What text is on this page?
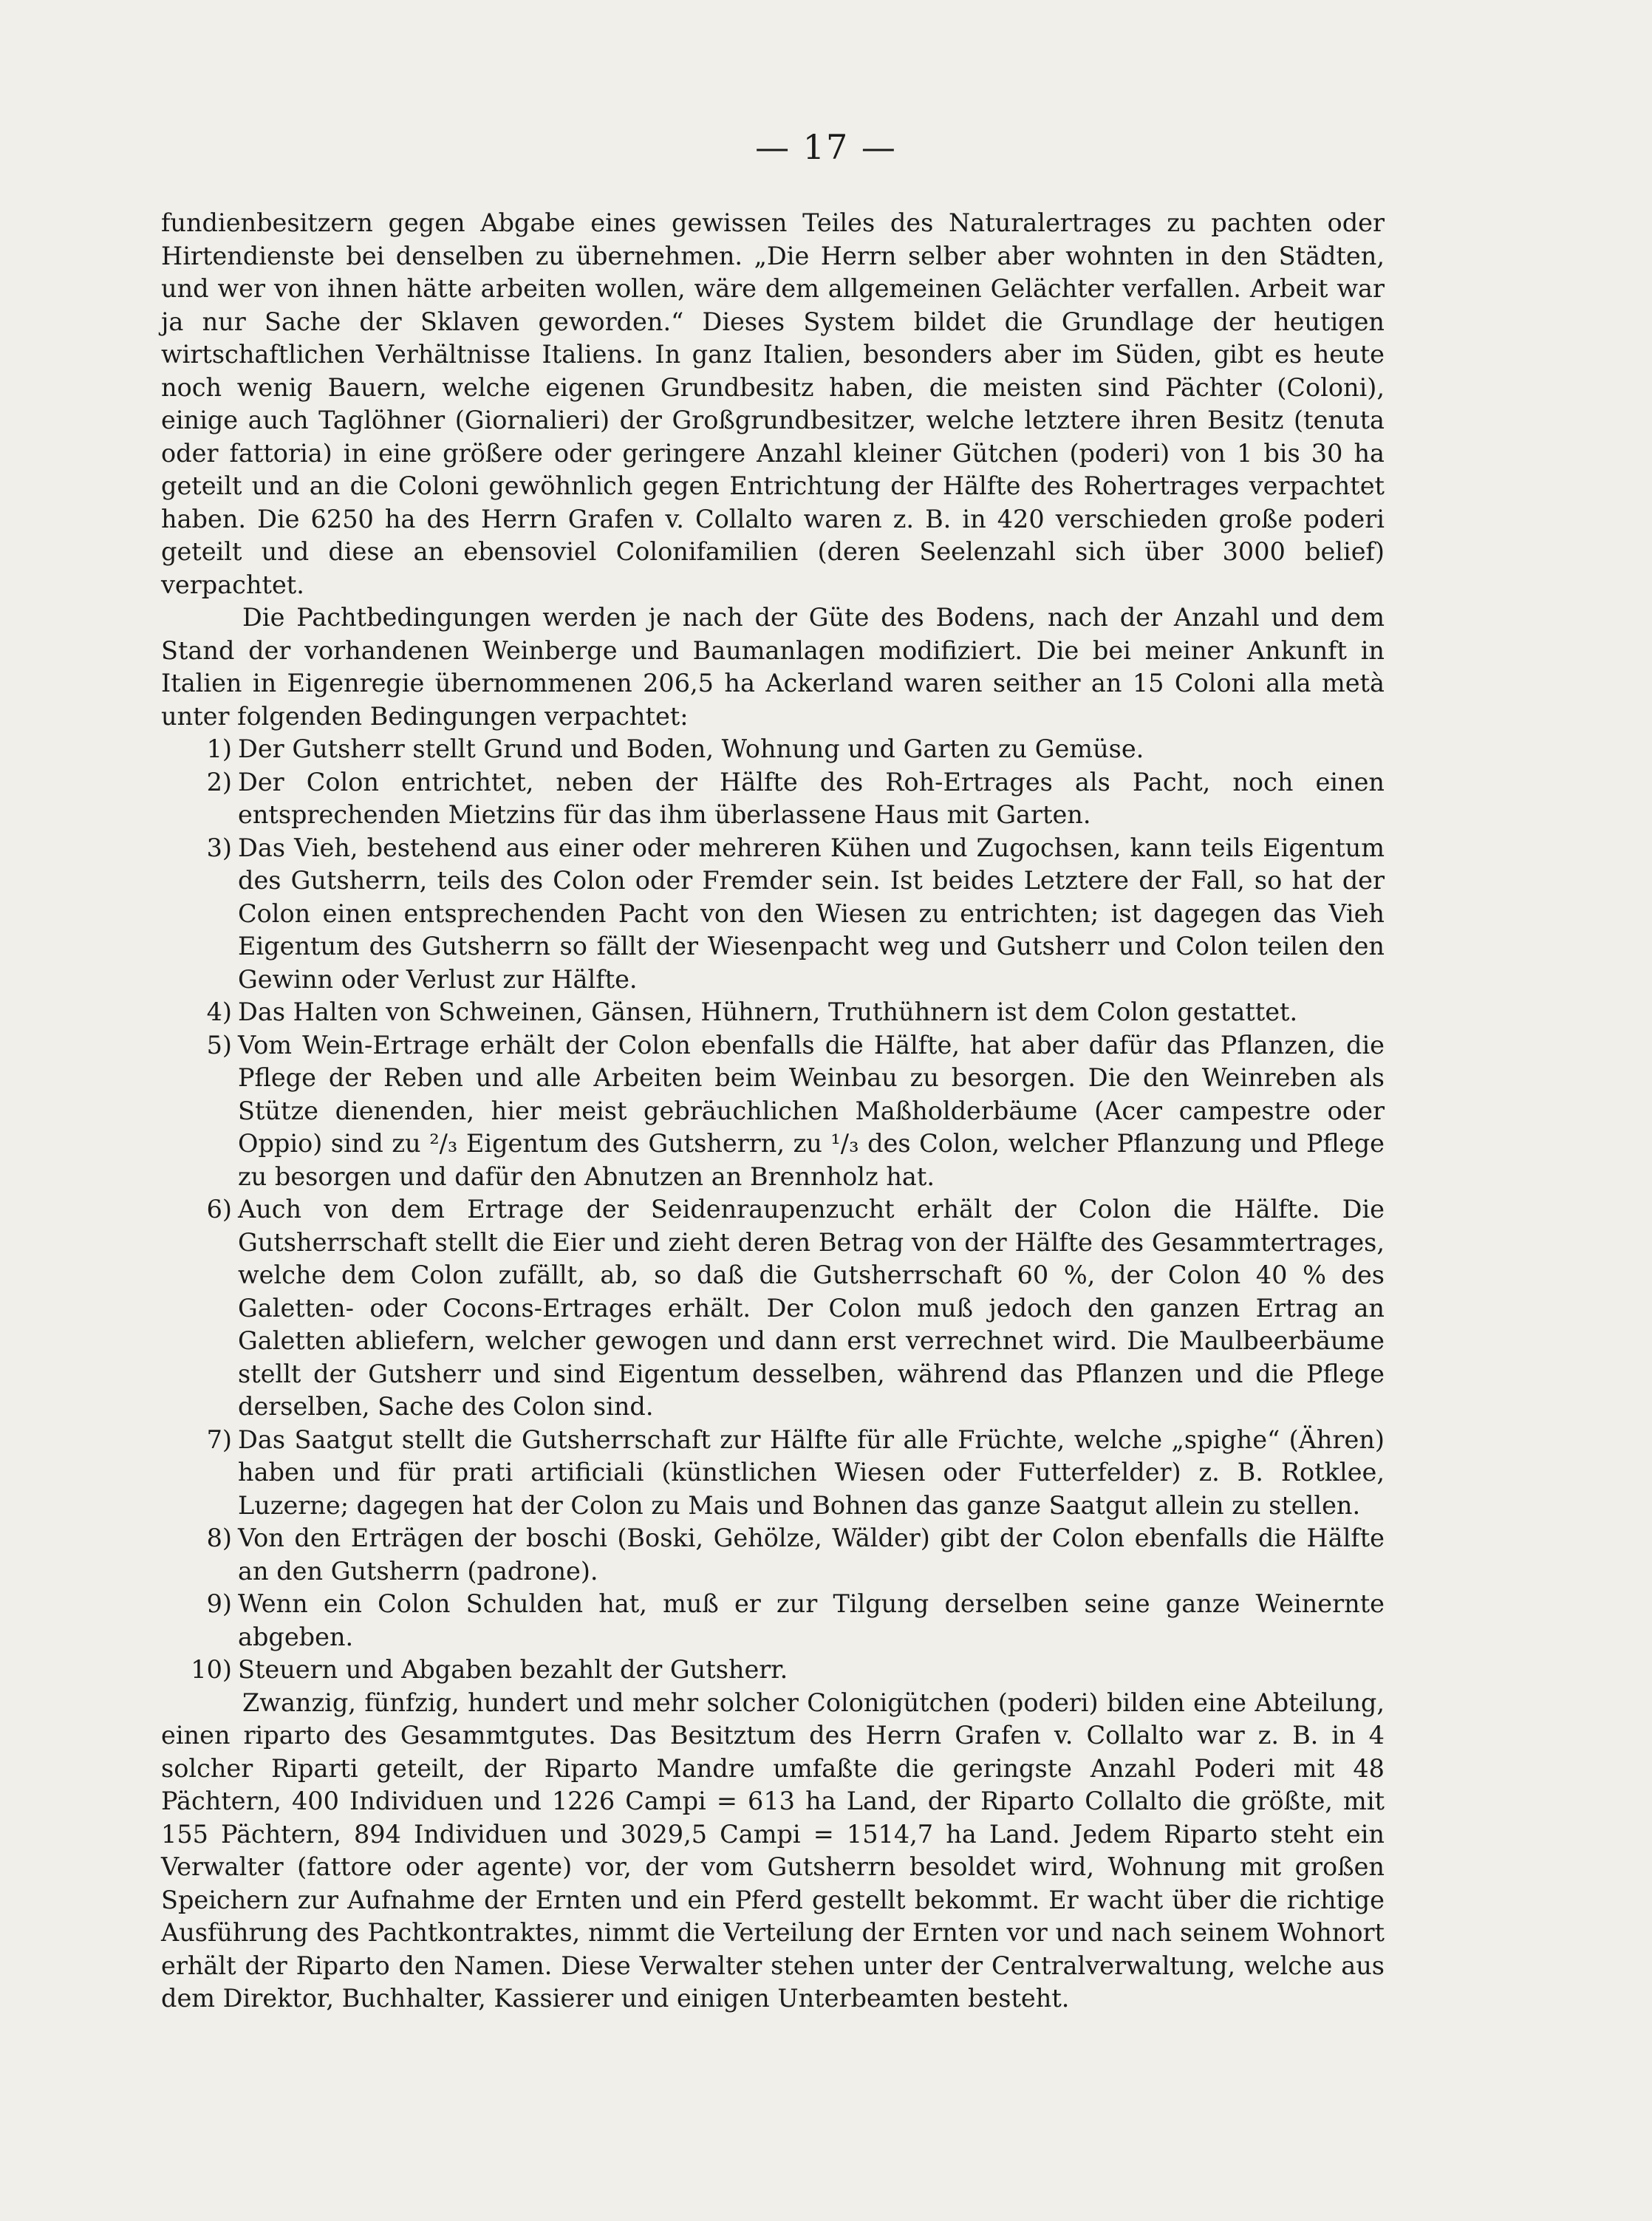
— 17 —

fundienbesitzern gegen Abgabe eines gewissen Teiles des Naturalertrages zu pachten oder Hirtendienste bei denselben zu übernehmen. „Die Herrn selber aber wohnten in den Städten, und wer von ihnen hätte arbeiten wollen, wäre dem allgemeinen Gelächter verfallen. Arbeit war ja nur Sache der Sklaven geworden.“ Dieses System bildet die Grundlage der heutigen wirtschaftlichen Verhältnisse Italiens. In ganz Italien, besonders aber im Süden, gibt es heute noch wenig Bauern, welche eigenen Grundbesitz haben, die meisten sind Pächter (Coloni), einige auch Taglöhner (Giornalieri) der Großgrundbesitzer, welche letztere ihren Besitz (tenuta oder fattoria) in eine größere oder geringere Anzahl kleiner Gütchen (poderi) von 1 bis 30 ha geteilt und an die Coloni gewöhnlich gegen Entrichtung der Hälfte des Rohertrages verpachtet haben. Die 6250 ha des Herrn Grafen v. Collalto waren z. B. in 420 verschieden große poderi geteilt und diese an ebensoviel Colonifamilien (deren Seelenzahl sich über 3000 belief) verpachtet.

Die Pachtbedingungen werden je nach der Güte des Bodens, nach der Anzahl und dem Stand der vorhandenen Weinberge und Baumanlagen modifiziert. Die bei meiner Ankunft in Italien in Eigenregie übernommenen 206,5 ha Ackerland waren seither an 15 Coloni alla metà unter folgenden Bedingungen verpachtet:

1) Der Gutsherr stellt Grund und Boden, Wohnung und Garten zu Gemüse.
2) Der Colon entrichtet, neben der Hälfte des Roh-Ertrages als Pacht, noch einen entsprechenden Mietzins für das ihm überlassene Haus mit Garten.
3) Das Vieh, bestehend aus einer oder mehreren Kühen und Zugochsen, kann teils Eigentum des Gutsherrn, teils des Colon oder Fremder sein. Ist beides Letztere der Fall, so hat der Colon einen entsprechenden Pacht von den Wiesen zu entrichten; ist dagegen das Vieh Eigentum des Gutsherrn so fällt der Wiesenpacht weg und Gutsherr und Colon teilen den Gewinn oder Verlust zur Hälfte.
4) Das Halten von Schweinen, Gänsen, Hühnern, Truthühnern ist dem Colon gestattet.
5) Vom Wein-Ertrage erhält der Colon ebenfalls die Hälfte, hat aber dafür das Pflanzen, die Pflege der Reben und alle Arbeiten beim Weinbau zu besorgen. Die den Weinreben als Stütze dienenden, hier meist gebräuchlichen Maßholderbäume (Acer campestre oder Oppio) sind zu ²/₃ Eigentum des Gutsherrn, zu ¹/₃ des Colon, welcher Pflanzung und Pflege zu besorgen und dafür den Abnutzen an Brennholz hat.
6) Auch von dem Ertrage der Seidenraupenzucht erhält der Colon die Hälfte. Die Gutsherrschaft stellt die Eier und zieht deren Betrag von der Hälfte des Gesammtertrages, welche dem Colon zufällt, ab, so daß die Gutsherrschaft 60 %, der Colon 40 % des Galetten- oder Cocons-Ertrages erhält. Der Colon muß jedoch den ganzen Ertrag an Galetten abliefern, welcher gewogen und dann erst verrechnet wird. Die Maulbeerbäume stellt der Gutsherr und sind Eigentum desselben, während das Pflanzen und die Pflege derselben, Sache des Colon sind.
7) Das Saatgut stellt die Gutsherrschaft zur Hälfte für alle Früchte, welche „spighe“ (Ähren) haben und für prati artificiali (künstlichen Wiesen oder Futterfelder) z. B. Rotklee, Luzerne; dagegen hat der Colon zu Mais und Bohnen das ganze Saatgut allein zu stellen.
8) Von den Erträgen der boschi (Boski, Gehölze, Wälder) gibt der Colon ebenfalls die Hälfte an den Gutsherrn (padrone).
9) Wenn ein Colon Schulden hat, muß er zur Tilgung derselben seine ganze Weinernte abgeben.
10) Steuern und Abgaben bezahlt der Gutsherr.

Zwanzig, fünfzig, hundert und mehr solcher Colonigütchen (poderi) bilden eine Abteilung, einen riparto des Gesammtgutes. Das Besitztum des Herrn Grafen v. Collalto war z. B. in 4 solcher Riparti geteilt, der Riparto Mandre umfaßte die geringste Anzahl Poderi mit 48 Pächtern, 400 Individuen und 1226 Campi = 613 ha Land, der Riparto Collalto die größte, mit 155 Pächtern, 894 Individuen und 3029,5 Campi = 1514,7 ha Land. Jedem Riparto steht ein Verwalter (fattore oder agente) vor, der vom Gutsherrn besoldet wird, Wohnung mit großen Speichern zur Aufnahme der Ernten und ein Pferd gestellt bekommt. Er wacht über die richtige Ausführung des Pachtkontraktes, nimmt die Verteilung der Ernten vor und nach seinem Wohnort erhält der Riparto den Namen. Diese Verwalter stehen unter der Centralverwaltung, welche aus dem Direktor, Buchhalter, Kassierer und einigen Unterbeamten besteht.
